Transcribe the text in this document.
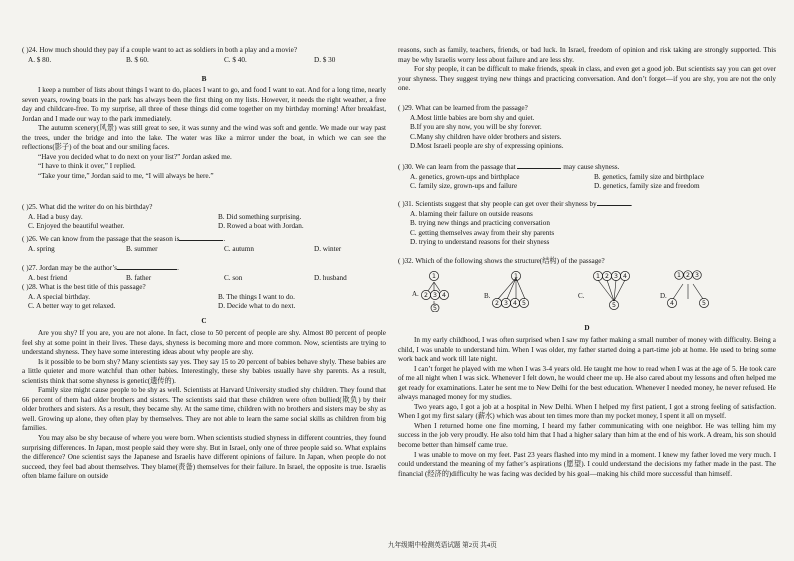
( )24. How much should they pay if a couple want to act as soldiers in both a play and a movie?
A. $ 80.	B. $ 60.	C. $ 40.	D. $ 30
B

I keep a number of lists about things I want to do, places I want to go, and food I want to eat. And for a long time, nearly seven years, rowing boats in the park has always been the first thing on my lists. However, it needs the right weather, a free day and childcare-free. To my surprise, all three of these things did come together on my birthday morning! After breakfast, Jordan and I made our way to the park immediately.

The autumn scenery(风景) was still great to see, it was sunny and the wind was soft and gentle. We made our way past the trees, under the bridge and into the lake. The water was like a mirror under the boat, in which we can see the reflections(影子) of the boat and our smiling faces.

“Have you decided what to do next on your list?” Jordan asked me.

“I have to think it over,” I replied.

“Take your time,” Jordan said to me, “I will always be here.”

( )25. What did the writer do on his birthday?
A. Had a busy day.	B. Did something surprising.
C. Enjoyed the beautiful weather.	D. Rowed a boat with Jordan.
( )26. We can know from the passage that the season is	.
A. spring	B. summer	C. autumn	D. winter
( )27. Jordan may be the author’s	.
A. best friend	B. father	C. son	D. husband
( )28. What is the best title of this passage?
A. A special birthday.	B. The things I want to do.
C. A better way to get relaxed.	D. Decide what to do next.
C

Are you shy? If you are, you are not alone. In fact, close to 50 percent of people are shy. Almost 80 percent of people feel shy at some point in their lives. These days, shyness is becoming more and more common. Now, scientists are trying to understand shyness. They have some interesting ideas about why people are shy.

Is it possible to be born shy? Many scientists say yes. They say 15 to 20 percent of babies behave shyly. These babies are a little quieter and more watchful than other babies. Interestingly, these shy babies usually have shy parents. As a result, scientists think that some shyness is genetic(遗传的).

Family size might cause people to be shy as well. Scientists at Harvard University studied shy children. They found that 66 percent of them had older brothers and sisters. The scientists said that these children were often bullied(欺负) by their older brothers and sisters. As a result, they became shy. At the same time, children with no brothers and sisters may be shy as well. Growing up alone, they often play by themselves. They are not able to learn the same social skills as children from big families.

You may also be shy because of where you were born. When scientists studied shyness in different countries, they found surprising differences. In Japan, most people said they were shy. But in Israel, only one of three people said so. What explains the difference? One scientist says the Japanese and Israelis have different opinions of failure. In Japan, when people do not succeed, they feel bad about themselves. They blame(责备) themselves for their failure. In Israel, the opposite is true. Israelis often blame failure on outside

reasons, such as family, teachers, friends, or bad luck. In Israel, freedom of opinion and risk taking are strongly supported. This may be why Israelis worry less about failure and are less shy.

For shy people, it can be difficult to make friends, speak in class, and even get a good job. But scientists say you can get over your shyness. They suggest trying new things and practicing conversation. And don’t forget—if you are shy, you are not the only one.

( )29. What can be learned from the passage?
A.Most little babies are born shy and quiet.
B.If you are shy now, you will be shy forever.
C.Many shy children have older brothers and sisters.
D.Most Israeli people are shy of expressing opinions.
( )30. We can learn from the passage that	may cause shyness.
A. genetics, grown-ups and birthplace	B. genetics, family size and birthplace
C. family size, grown-ups and failure	D. genetics, family size and freedom
( )31. Scientists suggest that shy people can get over their shyness by	.
A. blaming their failure on outside reasons
B. trying new things and practicing conversation
C. getting themselves away from their shy parents
D. trying to understand reasons for their shyness
( )32. Which of the following shows the structure(结构) of the passage?
A.
1
2 3 4
5
B.
1
2 3 4 5
C.
1 2 3 4
5
D.
1 2 3
4	5
D

In my early childhood, I was often surprised when I saw my father making a small number of money with difficulty. Being a child, I was unable to understand him. When I was older, my father started doing a part-time job at home. He used to bring some work back and work till late night.

I can’t forget he played with me when I was 3-4 years old. He taught me how to read when I was at the age of 5. He took care of me all night when I was sick. Whenever I felt down, he would cheer me up. He also cared about my lessons and often helped me get ready for examinations. Later he sent me to New Delhi for the best education. Whenever I needed money, he never refused. He always managed money for my studies.

Two years ago, I got a job at a hospital in New Delhi. When I helped my first patient, I got a strong feeling of satisfaction. When I got my first salary (薪水) which was about ten times more than my pocket money, I spent it all on myself.

When I returned home one fine morning, I heard my father communicating with one neighbor. He was telling him my success in the job very proudly. He also told him that I had a higher salary than him at the end of his work. A dream, his son should become better than himself came true.

I was unable to move on my feet. Past 23 years flashed into my mind in a moment. I knew my father loved me very much. I could understand the meaning of my father’s aspirations (愿望). I could understand the decisions my father made in the past. The financial (经济的)difficulty he was facing was decided by his goal—making his child more successful than himself.

九年级期中检测英语试题 第2页 共4页
